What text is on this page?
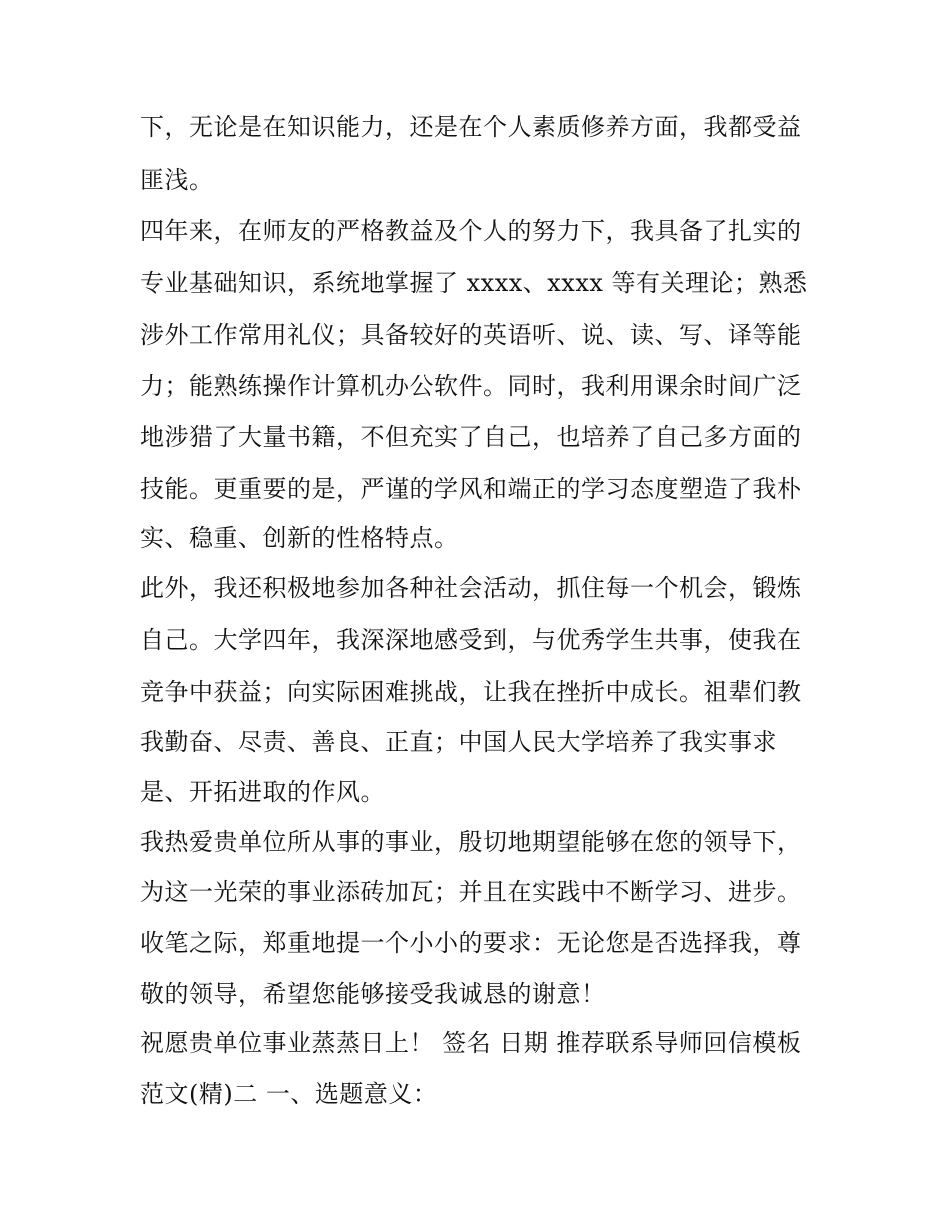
下，无论是在知识能力，还是在个人素质修养方面，我都受益
匪浅。
四年来，在师友的严格教益及个人的努力下，我具备了扎实的
专业基础知识，系统地掌握了 xxxx、xxxx 等有关理论；熟悉
涉外工作常用礼仪；具备较好的英语听、说、读、写、译等能
力；能熟练操作计算机办公软件。同时，我利用课余时间广泛
地涉猎了大量书籍，不但充实了自己，也培养了自己多方面的
技能。更重要的是，严谨的学风和端正的学习态度塑造了我朴
实、稳重、创新的性格特点。
此外，我还积极地参加各种社会活动，抓住每一个机会，锻炼
自己。大学四年，我深深地感受到，与优秀学生共事，使我在
竞争中获益；向实际困难挑战，让我在挫折中成长。祖辈们教
我勤奋、尽责、善良、正直；中国人民大学培养了我实事求
是、开拓进取的作风。
我热爱贵单位所从事的事业，殷切地期望能够在您的领导下，
为这一光荣的事业添砖加瓦；并且在实践中不断学习、进步。
收笔之际，郑重地提一个小小的要求：无论您是否选择我，尊
敬的领导，希望您能够接受我诚恳的谢意！
祝愿贵单位事业蒸蒸日上！ 签名 日期 推荐联系导师回信模板
范文(精)二 一、选题意义：
